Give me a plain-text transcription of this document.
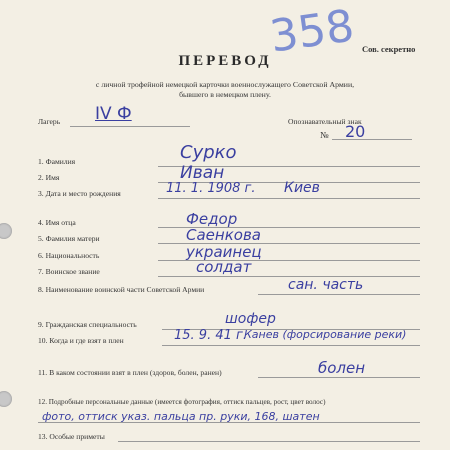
358 Сов. секретно
ПЕРЕВОД
с личной трофейной немецкой карточки военнослужащего Советской Армии,
бывшего в немецком плену.
Лагерь IV Ф	Опознавательный знак
№ 20
1. Фамилия	Сурко
2. Имя	Иван
3. Дата и место рождения	11. 1. 1908 г. Киев
4. Имя отца	Федор
5. Фамилия матери	Саенкова
6. Национальность	украинец
7. Воинское звание	солдат
8. Наименование воинской части Советской Армии	сан. часть
9. Гражданская специальность	шофер
10. Когда и где взят в плен	15. 9. 41 г.
Канев (форсирование реки)
11. В каком состоянии взят в плен (здоров, болен, ранен)	болен
12. Подробные персональные данные (имеется фотография, оттиск пальцев, рост, цвет волос)
фото, оттиск указ. пальца пр. руки, 168, шатен
13. Особые приметы
